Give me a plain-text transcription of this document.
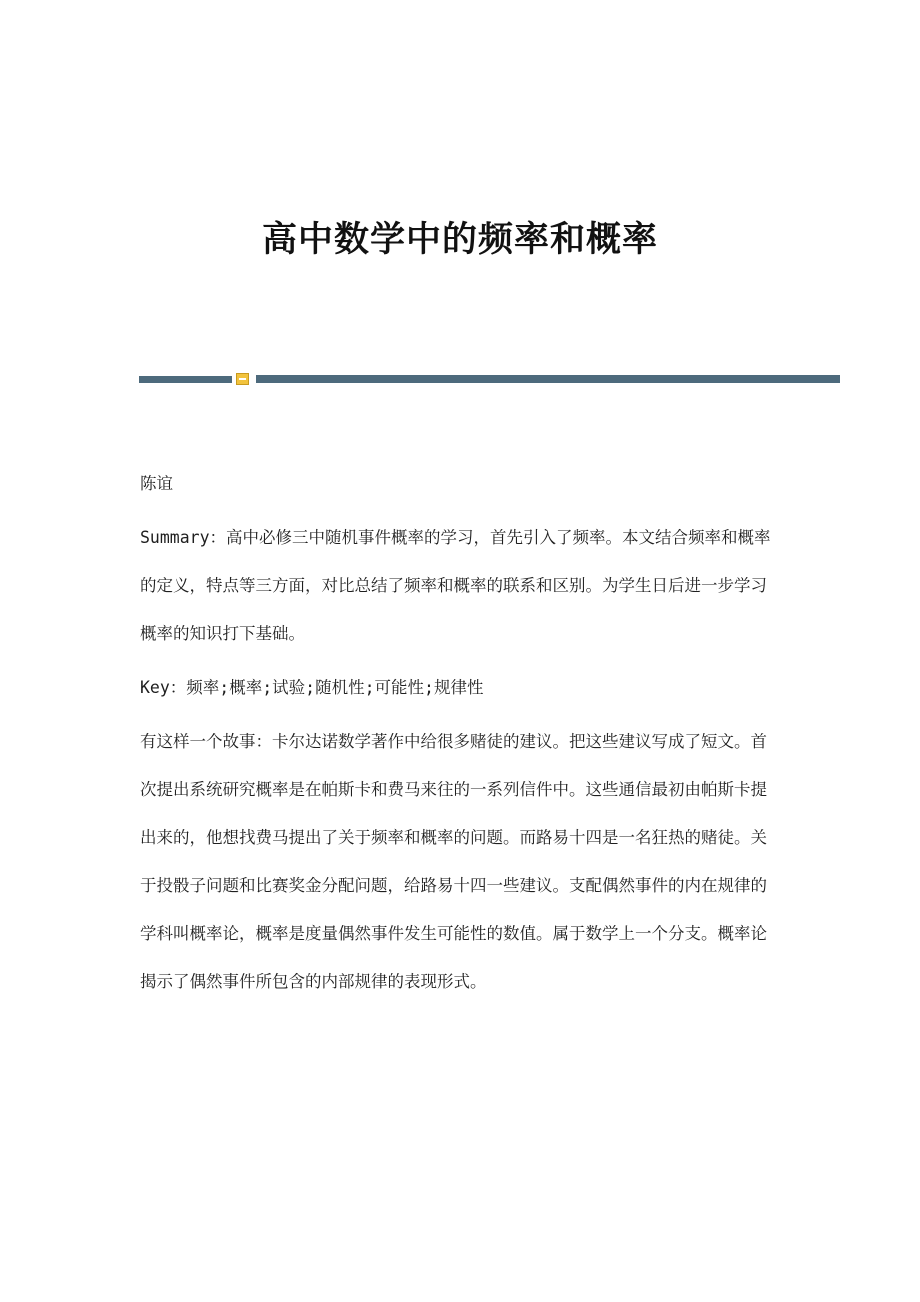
高中数学中的频率和概率

陈谊

Summary：高中必修三中随机事件概率的学习，首先引入了频率。本文结合频率和概率的定义，特点等三方面，对比总结了频率和概率的联系和区别。为学生日后进一步学习概率的知识打下基础。

Key：频率;概率;试验;随机性;可能性;规律性

有这样一个故事：卡尔达诺数学著作中给很多赌徒的建议。把这些建议写成了短文。首次提出系统研究概率是在帕斯卡和费马来往的一系列信件中。这些通信最初由帕斯卡提出来的，他想找费马提出了关于频率和概率的问题。而路易十四是一名狂热的赌徒。关于投骰子问题和比赛奖金分配问题，给路易十四一些建议。支配偶然事件的内在规律的学科叫概率论，概率是度量偶然事件发生可能性的数值。属于数学上一个分支。概率论揭示了偶然事件所包含的内部规律的表现形式。
